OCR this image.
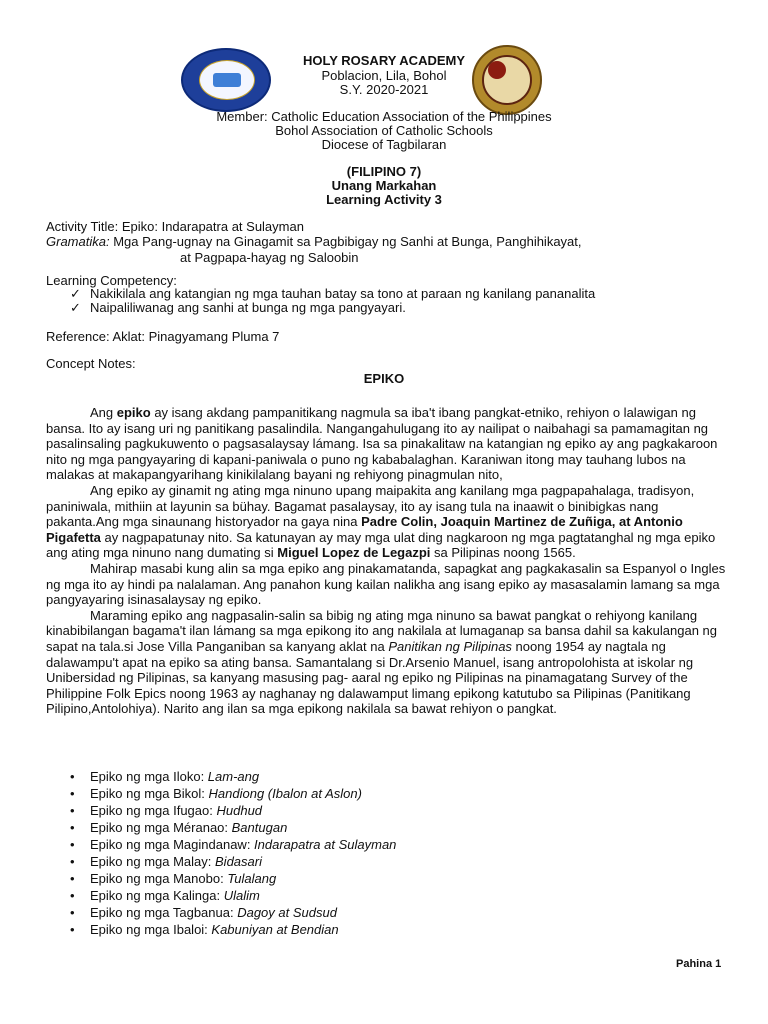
HOLY ROSARY ACADEMY
Poblacion, Lila, Bohol
S.Y. 2020-2021
Member: Catholic Education Association of the Philippines
Bohol Association of Catholic Schools
Diocese of Tagbilaran
(FILIPINO 7)
Unang Markahan
Learning Activity 3
Activity Title: Epiko: Indarapatra at Sulayman
Gramatika: Mga Pang-ugnay na Ginagamit sa Pagbibigay ng Sanhi at Bunga, Panghihikayat,
at Pagpapa-hayag ng Saloobin
Learning Competency:
✓ Nakikilala ang katangian ng mga tauhan batay sa tono at paraan ng kanilang pananalita
✓ Naipaliliwanag ang sanhi at bunga ng mga pangyayari.
Reference: Aklat: Pinagyamang Pluma 7
Concept Notes:
EPIKO

Ang epiko ay isang akdang pampanitikang nagmula sa iba't ibang pangkat-etniko, rehiyon o lalawigan ng bansa. Ito ay isang uri ng panitikang pasalindila. Nangangahulugang ito ay nailipat o naibahagi sa pamamagitan ng pasalinsaling pagkukuwento o pagsasalaysay lámang. Isa sa pinakalitaw na katangian ng epiko ay ang pagkakaroon nito ng mga pangyayaring di kapani-paniwala o puno ng kababalaghan. Karaniwan itong may tauhang lubos na malakas at makapangyarihang kinikilalang bayani ng rehiyong pinagmulan nito,

Ang epiko ay ginamit ng ating mga ninuno upang maipakita ang kanilang mga pagpapahalaga, tradisyon, paniniwala, mithiin at layunin sa bühay. Bagamat pasalaysay, ito ay isang tula na inaawit o binibigkas nang pakanta.Ang mga sinaunang historyador na gaya nina Padre Colin, Joaquin Martinez de Zuñiga, at Antonio Pigafetta ay nagpapatunay nito. Sa katunayan ay may mga ulat ding nagkaroon ng mga pagtatanghal ng mga epiko ang ating mga ninuno nang dumating si Miguel Lopez de Legazpi sa Pilipinas noong 1565.

Mahirap masabi kung alin sa mga epiko ang pinakamatanda, sapagkat ang pagkakasalin sa Espanyol o Ingles ng mga ito ay hindi pa nalalaman. Ang panahon kung kailan nalikha ang isang epiko ay masasalamin lamang sa mga pangyayaring isinasalaysay ng epiko.

Maraming epiko ang nagpasalin-salin sa bibig ng ating mga ninuno sa bawat pangkat o rehiyong kanilang kinabibilangan bagama't ilan lámang sa mga epikong ito ang nakilala at lumaganap sa bansa dahil sa kakulangan ng sapat na tala.si Jose Villa Panganiban sa kanyang aklat na Panitikan ng Pilipinas noong 1954 ay nagtala ng dalawampu't apat na epiko sa ating bansa. Samantalang si Dr.Arsenio Manuel, isang antropolohista at iskolar ng Unibersidad ng Pilipinas, sa kanyang masusing pag- aaral ng epiko ng Pilipinas na pinamagatang Survey of the Philippine Folk Epics noong 1963 ay naghanay ng dalawamput limang epikong katutubo sa Pilipinas (Panitikang Pilipino,Antolohiya). Narito ang ilan sa mga epikong nakilala sa bawat rehiyon o pangkat.

• Epiko ng mga Iloko: Lam-ang
• Epiko ng mga Bikol: Handiong (Ibalon at Aslon)
• Epiko ng mga Ifugao: Hudhud
• Epiko ng mga Méranao: Bantugan
• Epiko ng mga Magindanaw: Indarapatra at Sulayman
• Epiko ng mga Malay: Bidasari
• Epiko ng mga Manobo: Tulalang
• Epiko ng mga Kalinga: Ulalim
• Epiko ng mga Tagbanua: Dagoy at Sudsud
• Epiko ng mga Ibaloi: Kabuniyan at Bendian
Pahina 1
